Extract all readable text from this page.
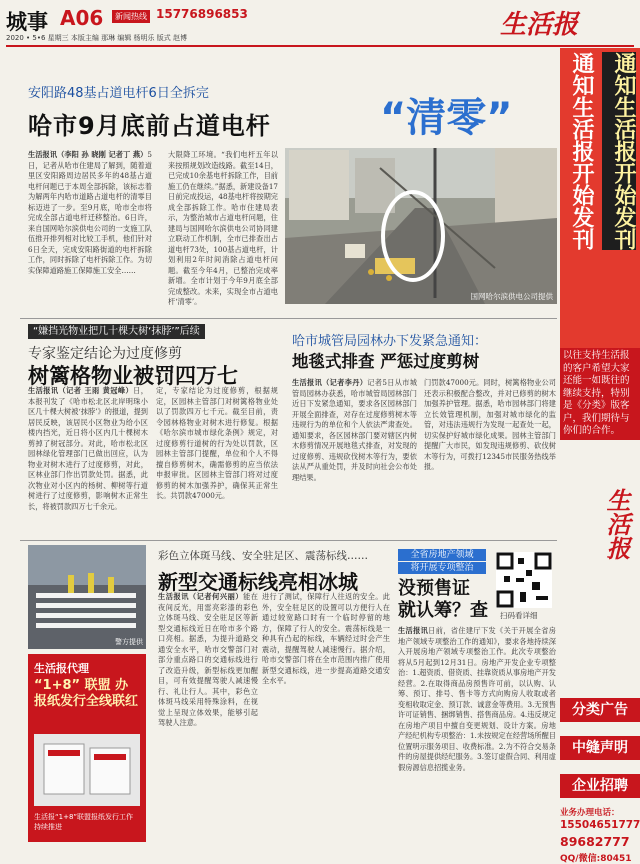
城事 A06	新闻热线 15776896853
2020 • 5•6 星期三 本版主编 那琳 编辑 杨明乐 版式 赵博	生活报
安阳路48基占道电杆6日全拆完
哈市9月底前占道电杆	“清零”

生活报讯（李阳 孙 晓刚 记者丁 燕）5日，记者从哈市住建局了解到，随着道里区安阳路周边居民多年的48基占道电杆问题已于本周全部拆除，该标志着为解两年内哈市道路占道电杆的清零目标迈进了一步。至9月底，哈市全市将完成全部占道电杆迁移整治。6日许，来自国网哈尔滨供电公司的一支施工队伍推开排列相对比较工手机，他们针对6日全天，完成安阳路街道的电杆拆除工作，同时拆除了电杆拆除工作。为切实保障道路施工保障施工安全……

大限降工环境。“我们电杆五年以来按照规划改造线路。截至14日，已完成10余基电杆拆除工作，目前施工仍在继续。”据悉，新建设备17日前完成投运，48基电杆将按期完成全部拆除工作。哈市住建局表示，为整治城市占道电杆问题，住建局与国网哈尔滨供电公司协同建立联动工作机制，全市已排查出占道电杆73处，100基占道电杆，计划利用2年时间消除占道电杆问题。截至今年4月，已整治完成率新增。全市计划于今年9月底全部完成整改。未来，实现全市占道电杆‘清零’。

国网哈尔滨供电公司提供
通知生活报开始发刊 通知生活报开始发刊
以往支持生活报的客户希望大家还能一如既往的继续支持，特别是《分类》版客户，我们期待与你们的合作。
生活报
分类广告
中缝声明
企业招聘
业务办理电话：
15504651777
89682777
QQ/微信:80451
“嫌挡光物业把几十棵大树‘抹脖’”后续
专家鉴定结论为过度修剪
树篱格物业被罚四万七

生活报讯（记者 王雨 黄冠峰）日，本报刊发了《哈市松北区北岸明珠小区几十棵大树被‘抹脖’》的报道，提到居民反映，该居民小区物业为给小区楼内挡光，近日将小区内几十棵树木剪掉了树冠部分。对此，哈市松北区园林绿化管理部门已做出回应，认为物业对树木进行了过度修剪，对此，区林业部门作出罚款处罚。据悉，此次物业对小区内的杨树、柳树等行道树进行了过度修剪，影响树木正常生长，将被罚款四万七千余元。

定，专家结论为过度修剪，根据规定，区园林主管部门对树篱格物业处以了罚款四万七千元。截至目前，责令园林格物业对树木进行修复。根据《哈尔滨市城市绿化条例》规定，对过度修剪行道树的行为处以罚款，区园林主管部门提醒，单位和个人不得擅自修剪树木，确需修剪的应当依法申报审批。区园林主管部门将对过度修剪的树木加强养护，确保其正常生长。共罚款47000元。

哈市城管局园林办下发紧急通知：
地毯式排查 严惩过度剪树

生活报讯（记者李丹）记者5日从市城管局园林办获悉，哈市城管局园林部门近日下发紧急通知，要求各区园林部门开展全面排查，对存在过度修剪树木等违规行为的单位和个人依法严肃查处。通知要求，各区园林部门要对辖区内树木修剪情况开展地毯式排查，对发现的过度修剪、违规砍伐树木等行为，要依法从严从重处罚，并及时向社会公布处理结果。

门罚款47000元。同时，树篱格物业公司还表示积极配合整改，并对已修剪的树木加强养护管理。据悉，哈市园林部门将建立长效管理机制，加强对城市绿化的监管，对违法违规行为发现一起查处一起，切实保护好城市绿化成果。园林主管部门提醒广大市民，如发现违规修剪、砍伐树木等行为，可拨打12345市民服务热线举报。

警方提供
生活报代理
“1+8” 联盟 办报纸发行全线联红
生活报“1+8”联盟报纸发行工作持续推进
彩色立体斑马线、安全驻足区、震荡标线……
新型交通标线亮相冰城

生活报讯（记者何兴丽）能在夜间反光，用雷亮彩漆的彩色立体斑马线、安全驻足区等新型交通标线近日在哈市多个路口亮相。据悉，为提升道路交通安全水平，哈市交警部门对部分重点路口的交通标线进行了改造升级，新型标线更加醒目，可有效提醒驾驶人减速慢行、礼让行人。其中，彩色立体斑马线采用特殊涂料，在视觉上呈现立体效果，能够引起驾驶人注意。

进行了测试，保障行人往返的安全。此外，安全驻足区的设置可以方便行人在通过较宽路口时有一个临时停留的地方，保障了行人的安全。震荡标线是一种具有凸起的标线，车辆经过时会产生震动，提醒驾驶人减速慢行。据介绍，哈市交警部门将在全市范围内推广使用新型交通标线，进一步提高道路交通安全水平。

全省房地产领域
将开展专项整治
没预售证 就认筹？查	扫码看详细

生活报讯日前，省住建厅下发《关于开展全省房地产领域专项整治工作的通知》，要求各地持续深入开展房地产领域专项整治工作。此次专项整治将从5月起到12月31日。房地产开发企业专项整治：1.超资质、借资质、挂靠资质从事房地产开发经营。2.在取得商品房预售许可前，以认购、认筹、预订、排号、售卡等方式向购房人收取或者变相收取定金、预订款、诚意金等费用。3.无预售许可证销售、捆绑销售、搭售商品房。4.违反规定在房地产项目中擅自变更规划、设计方案。房地产经纪机构专项整治：1.未按规定在经营场所醒目位置明示服务项目、收费标准。2.为不符合交易条件的房屋提供经纪服务。3.签订虚假合同、利用虚假房源信息招揽业务。
